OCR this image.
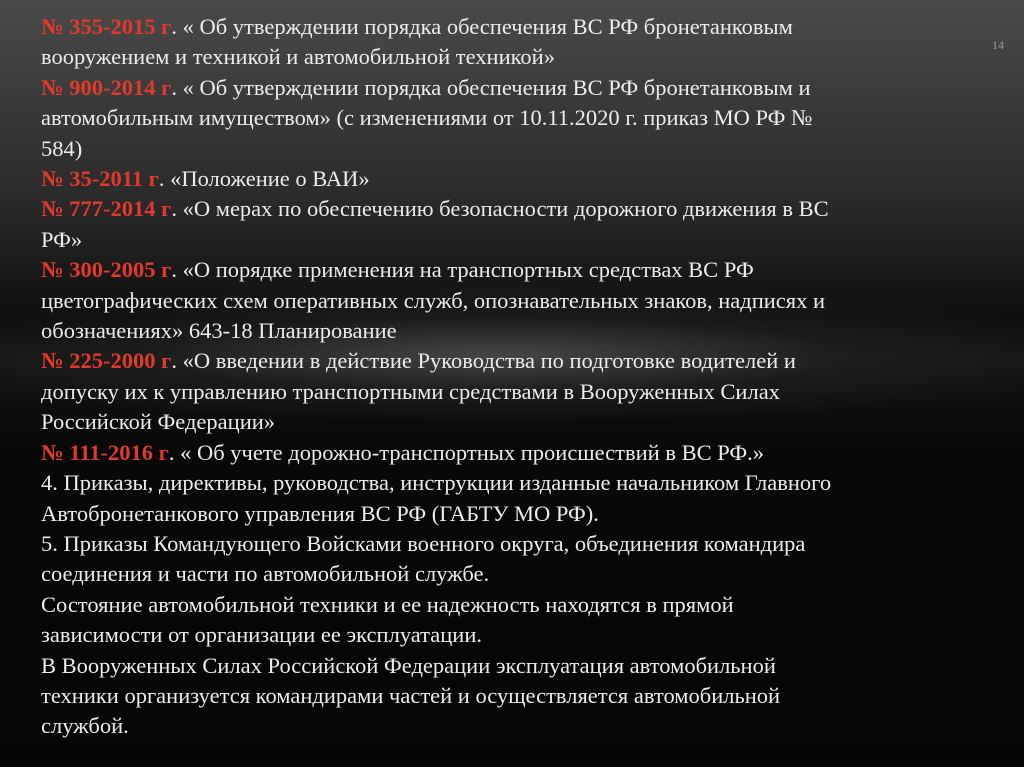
14
№ 355-2015 г. « Об утверждении порядка обеспечения ВС РФ бронетанковым
вооружением и техникой и автомобильной техникой»
№ 900-2014 г. « Об утверждении порядка обеспечения ВС РФ бронетанковым и
автомобильным имуществом» (с изменениями от 10.11.2020 г. приказ МО РФ №
584)
№ 35-2011 г. «Положение о ВАИ»
№ 777-2014 г. «О мерах по обеспечению безопасности дорожного движения в ВС
РФ»
№ 300-2005 г. «О порядке применения на транспортных средствах ВС РФ
цветографических схем оперативных служб, опознавательных знаков, надписях и
обозначениях» 643-18 Планирование
№ 225-2000 г. «О введении в действие Руководства по подготовке водителей и
допуску их к управлению транспортными средствами в Вооруженных Силах
Российской Федерации»
№ 111-2016 г. « Об учете дорожно-транспортных происшествий в ВС РФ.»
4. Приказы, директивы, руководства, инструкции изданные начальником Главного
Автобронетанкового управления ВС РФ (ГАБТУ МО РФ).
5. Приказы Командующего Войсками военного округа, объединения командира
соединения и части по автомобильной службе.
Состояние автомобильной техники и ее надежность находятся в прямой
зависимости от организации ее эксплуатации.
В Вооруженных Силах Российской Федерации эксплуатация автомобильной
техники организуется командирами частей и осуществляется автомобильной
службой.
